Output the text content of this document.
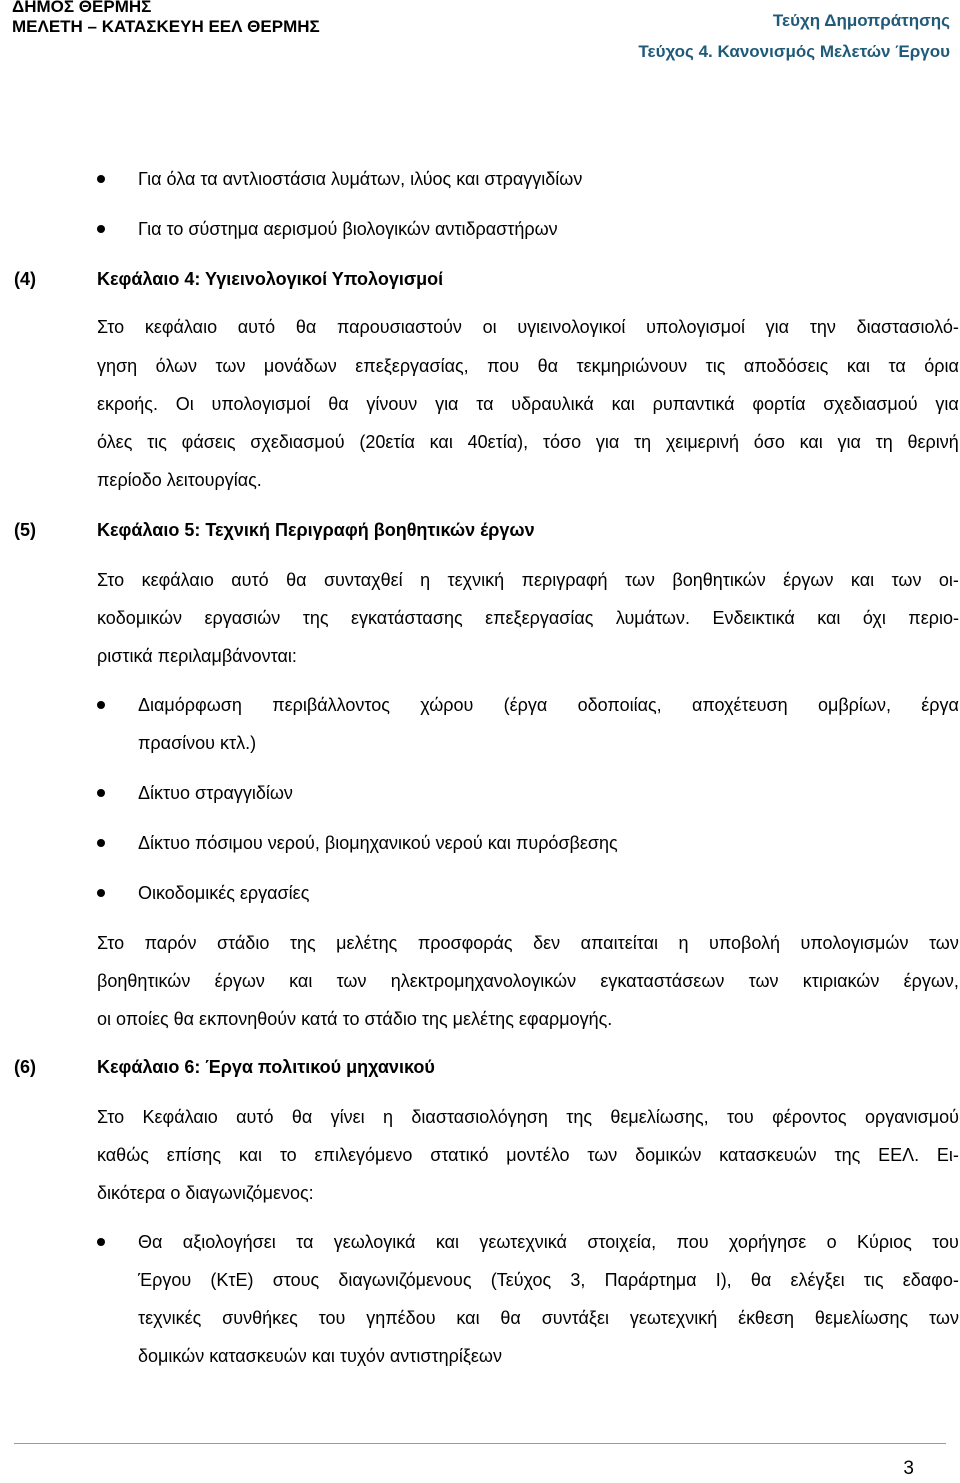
ΔΗΜΟΣ ΘΕΡΜΗΣ
ΜΕΛΕΤΗ – ΚΑΤΑΣΚΕΥΗ ΕΕΛ ΘΕΡΜΗΣ	Τεύχη Δημοπράτησης
Τεύχος 4. Κανονισμός Μελετών Έργου
Για όλα τα αντλιοστάσια λυμάτων, ιλύος και στραγγιδίων
Για το σύστημα αερισμού βιολογικών αντιδραστήρων
(4)	Κεφάλαιο 4: Υγιεινολογικοί Υπολογισμοί
Στο κεφάλαιο αυτό θα παρουσιαστούν οι υγιεινολογικοί υπολογισμοί για την διαστασιολό-
γηση όλων των μονάδων επεξεργασίας, που θα τεκμηριώνουν τις αποδόσεις και τα όρια
εκροής. Οι υπολογισμοί θα γίνουν για τα υδραυλικά και ρυπαντικά φορτία σχεδιασμού για
όλες τις φάσεις σχεδιασμού (20ετία και 40ετία), τόσο για τη χειμερινή όσο και για τη θερινή
περίοδο λειτουργίας.
(5)	Κεφάλαιο 5: Τεχνική Περιγραφή βοηθητικών έργων
Στο κεφάλαιο αυτό θα συνταχθεί η τεχνική περιγραφή των βοηθητικών έργων και των οι-
κοδομικών εργασιών της εγκατάστασης επεξεργασίας λυμάτων. Ενδεικτικά και όχι περιο-
ριστικά περιλαμβάνονται:
Διαμόρφωση περιβάλλοντος χώρου (έργα οδοποιίας, αποχέτευση ομβρίων, έργα
πρασίνου κτλ.)
Δίκτυο στραγγιδίων
Δίκτυο πόσιμου νερού, βιομηχανικού νερού και πυρόσβεσης
Οικοδομικές εργασίες
Στο παρόν στάδιο της μελέτης προσφοράς δεν απαιτείται η υποβολή υπολογισμών των
βοηθητικών έργων και των ηλεκτρομηχανολογικών εγκαταστάσεων των κτιριακών έργων,
οι οποίες θα εκπονηθούν κατά το στάδιο της μελέτης εφαρμογής.
(6)	Κεφάλαιο 6: Έργα πολιτικού μηχανικού
Στο Κεφάλαιο αυτό θα γίνει η διαστασιολόγηση της θεμελίωσης, του φέροντος οργανισμού
καθώς επίσης και το επιλεγόμενο στατικό μοντέλο των δομικών κατασκευών της ΕΕΛ. Ει-
δικότερα ο διαγωνιζόμενος:
Θα αξιολογήσει τα γεωλογικά και γεωτεχνικά στοιχεία, που χορήγησε ο Κύριος του
Έργου (ΚτΕ) στους διαγωνιζόμενους (Τεύχος 3, Παράρτημα Ι), θα ελέγξει τις εδαφο-
τεχνικές συνθήκες του γηπέδου και θα συντάξει γεωτεχνική έκθεση θεμελίωσης των
δομικών κατασκευών και τυχόν αντιστηρίξεων
3
